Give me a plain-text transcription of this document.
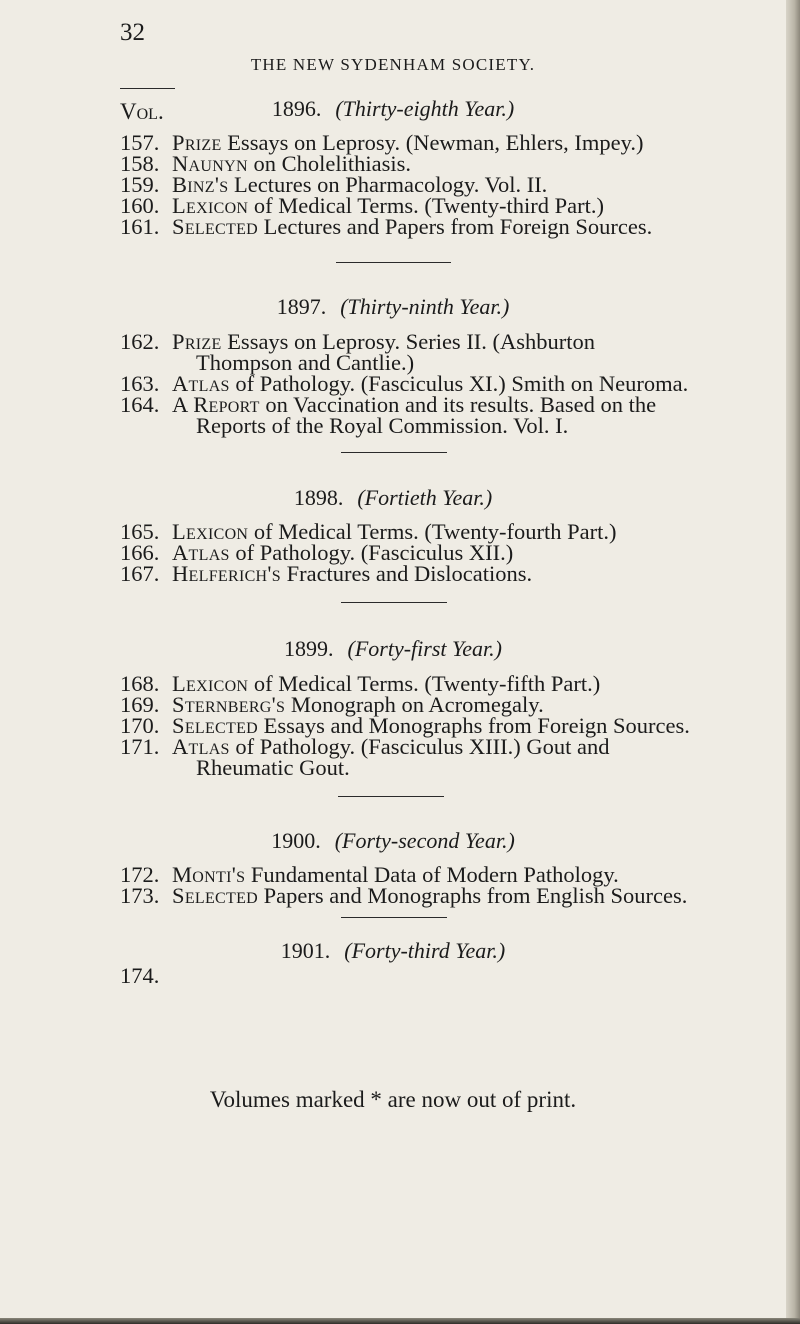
32
THE NEW SYDENHAM SOCIETY.
Vol.	1896. (Thirty-eighth Year.)
157. Prize Essays on Leprosy. (Newman, Ehlers, Impey.)
158. Naunyn on Cholelithiasis.
159. Binz's Lectures on Pharmacology. Vol. II.
160. Lexicon of Medical Terms. (Twenty-third Part.)
161. Selected Lectures and Papers from Foreign Sources.
1897. (Thirty-ninth Year.)
162. Prize Essays on Leprosy. Series II. (Ashburton
Thompson and Cantlie.)
163. Atlas of Pathology. (Fasciculus XI.) Smith on Neuroma.
164. A Report on Vaccination and its results. Based on the
Reports of the Royal Commission. Vol. I.
1898. (Fortieth Year.)
165. Lexicon of Medical Terms. (Twenty-fourth Part.)
166. Atlas of Pathology. (Fasciculus XII.)
167. Helferich's Fractures and Dislocations.
1899. (Forty-first Year.)
168. Lexicon of Medical Terms. (Twenty-fifth Part.)
169. Sternberg's Monograph on Acromegaly.
170. Selected Essays and Monographs from Foreign Sources.
171. Atlas of Pathology. (Fasciculus XIII.) Gout and
Rheumatic Gout.
1900. (Forty-second Year.)
172. Monti's Fundamental Data of Modern Pathology.
173. Selected Papers and Monographs from English Sources.
1901. (Forty-third Year.)
174.
Volumes marked * are now out of print.
